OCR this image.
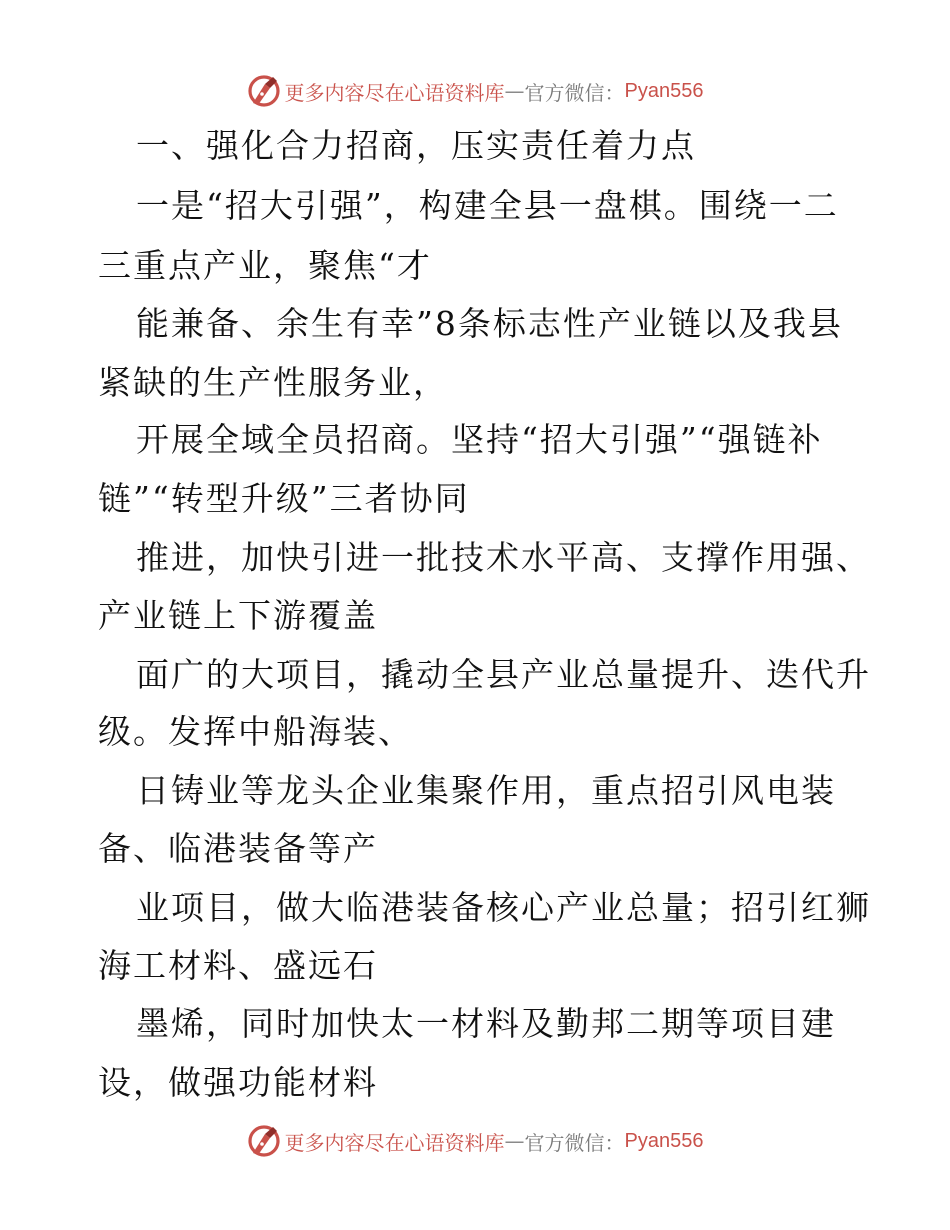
更多内容尽在心语资料库 — 官方微信： Pyan556
一、强化合力招商，压实责任着力点
一是“招大引强”，构建全县一盘棋。围绕一二
三重点产业，聚焦“才
能兼备、余生有幸”8条标志性产业链以及我县
紧缺的生产性服务业，
开展全域全员招商。坚持“招大引强”“强链补
链”“转型升级”三者协同
推进，加快引进一批技术水平高、支撑作用强、
产业链上下游覆盖
面广的大项目，撬动全县产业总量提升、迭代升
级。发挥中船海装、
日铸业等龙头企业集聚作用，重点招引风电装
备、临港装备等产
业项目，做大临港装备核心产业总量；招引红狮
海工材料、盛远石
墨烯，同时加快太一材料及勤邦二期等项目建
设，做强功能材料
更多内容尽在心语资料库 — 官方微信： Pyan556
